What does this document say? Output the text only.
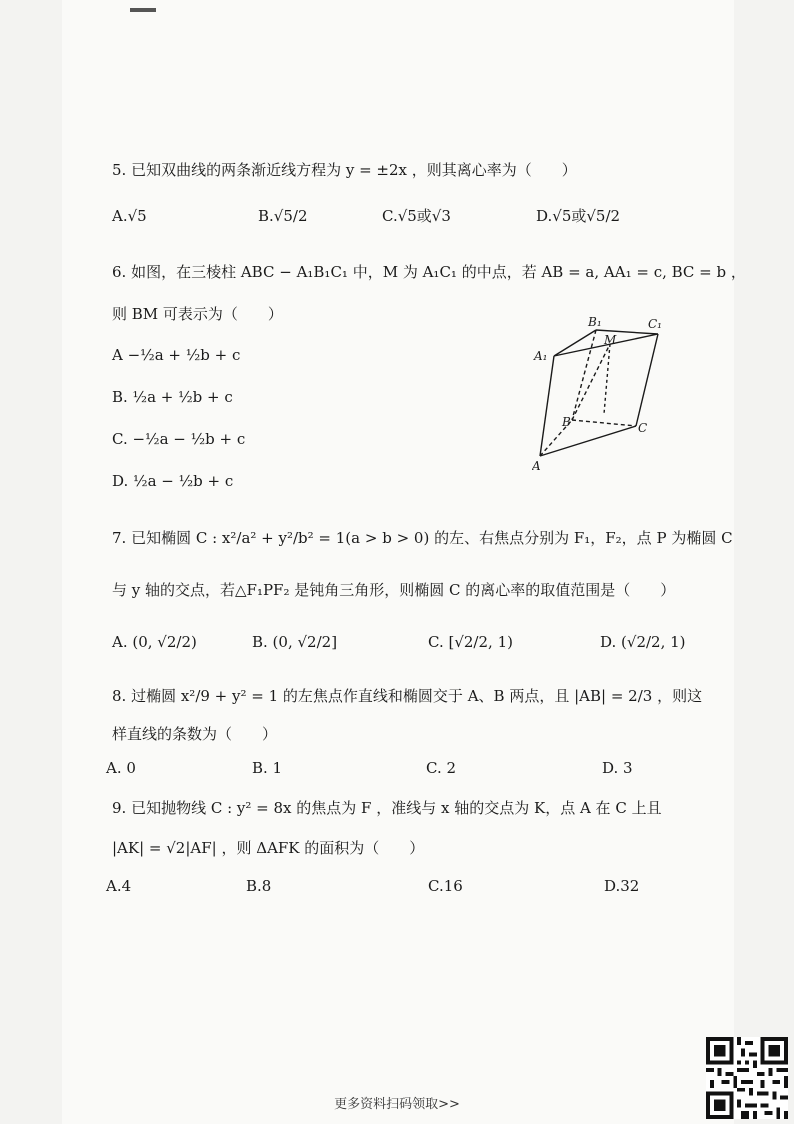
5. 已知双曲线的两条渐近线方程为 y = ±2x ，则其离心率为（　　）
A.√5	B.√5/2	C.√5或√3	D.√5或√5/2
6. 如图，在三棱柱 ABC − A₁B₁C₁ 中，M 为 A₁C₁ 的中点，若 AB = a, AA₁ = c, BC = b ，
则 BM 可表示为（　　）
A −½a + ½b + c
B. ½a + ½b + c
C. −½a − ½b + c
D. ½a − ½b + c
B₁	C₁
A₁
M
B	C
A
7. 已知椭圆 C : x²/a² + y²/b² = 1(a > b > 0) 的左、右焦点分别为 F₁，F₂，点 P 为椭圆 C
与 y 轴的交点，若△F₁PF₂ 是钝角三角形，则椭圆 C 的离心率的取值范围是（　　）
A. (0, √2/2)	B. (0, √2/2]	C. [√2/2, 1)	D. (√2/2, 1)
8. 过椭圆 x²/9 + y² = 1 的左焦点作直线和椭圆交于 A、B 两点，且 |AB| = 2/3 ，则这
样直线的条数为（　　）
A. 0	B. 1	C. 2	D. 3
9. 已知抛物线 C : y² = 8x 的焦点为 F ，准线与 x 轴的交点为 K，点 A 在 C 上且
|AK| = √2|AF| ，则 ΔAFK 的面积为（　　）
A.4	B.8	C.16	D.32
更多资料扫码领取>>
